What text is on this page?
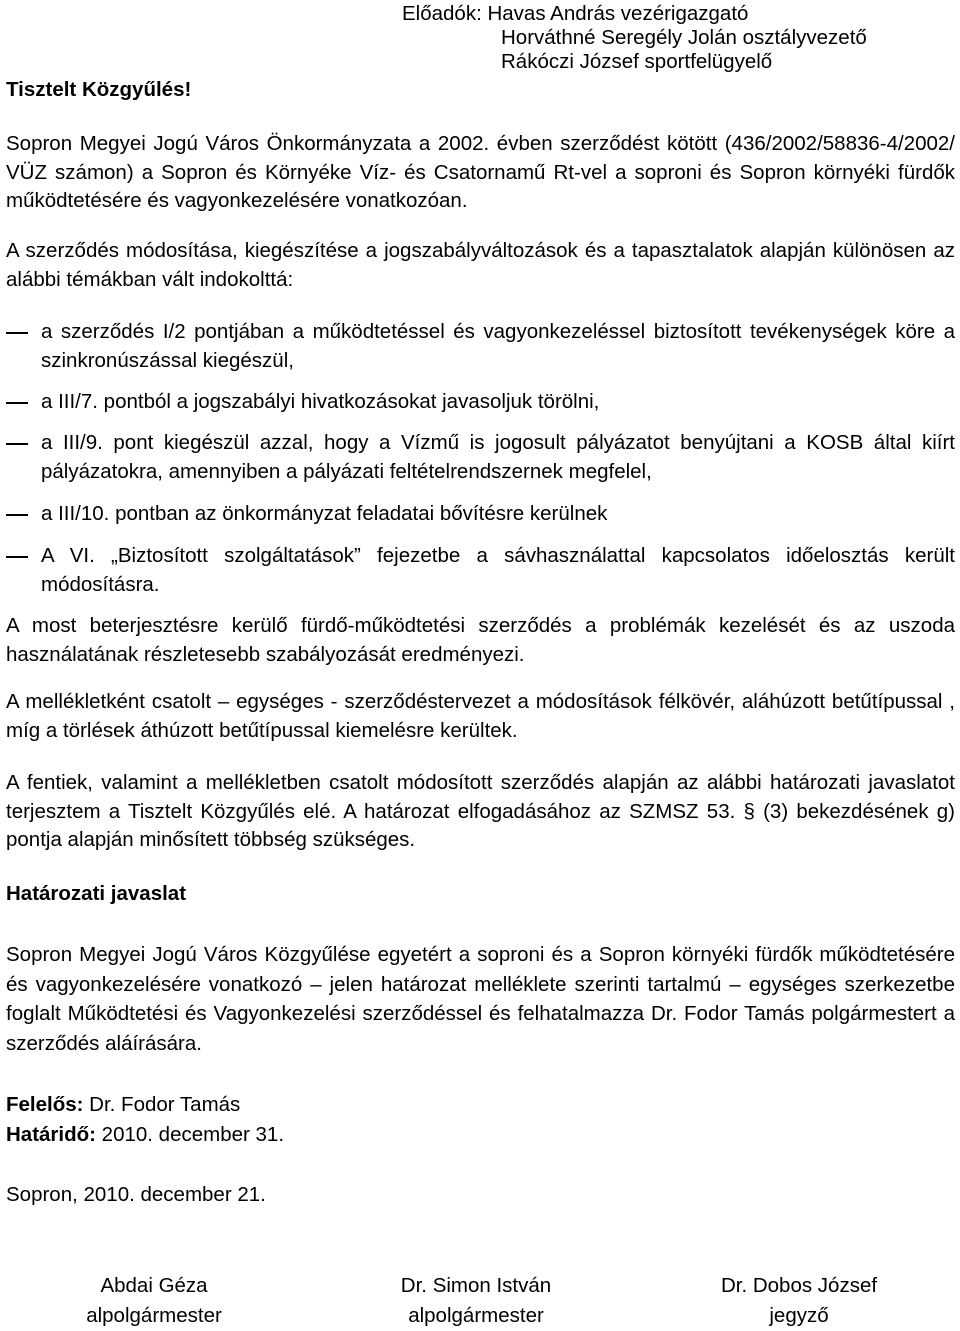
Előadók: Havas András vezérigazgató
Horváthné Seregély Jolán osztályvezető
Rákóczi József sportfelügyelő
Tisztelt Közgyűlés!
Sopron Megyei Jogú Város Önkormányzata a 2002. évben szerződést kötött (436/2002/58836-4/2002/ VÜZ számon) a Sopron és Környéke Víz- és Csatornamű Rt-vel a soproni és Sopron környéki fürdők működtetésére és vagyonkezelésére vonatkozóan.
A szerződés módosítása, kiegészítése a jogszabályváltozások és a tapasztalatok alapján különösen az alábbi témákban vált indokolttá:
a szerződés I/2 pontjában a működtetéssel és vagyonkezeléssel biztosított tevékenységek köre a szinkronúszással kiegészül,
a III/7. pontból a jogszabályi hivatkozásokat javasoljuk törölni,
a III/9. pont kiegészül azzal, hogy a Vízmű is jogosult pályázatot benyújtani a KOSB által kiírt pályázatokra, amennyiben a pályázati feltételrendszernek megfelel,
a III/10. pontban az önkormányzat feladatai bővítésre kerülnek
A VI. „Biztosított szolgáltatások” fejezetbe a sávhasználattal kapcsolatos időelosztás került módosításra.
A most beterjesztésre kerülő fürdő-működtetési szerződés a problémák kezelését és az uszoda használatának részletesebb szabályozását eredményezi.
A mellékletként csatolt – egységes - szerződéstervezet a módosítások félkövér, aláhúzott betűtípussal , míg a törlések áthúzott betűtípussal kiemelésre kerültek.
A fentiek, valamint a mellékletben csatolt módosított szerződés alapján az alábbi határozati javaslatot terjesztem a Tisztelt Közgyűlés elé. A határozat elfogadásához az SZMSZ 53. § (3) bekezdésének g) pontja alapján minősített többség szükséges.
Határozati javaslat
Sopron Megyei Jogú Város Közgyűlése egyetért a soproni és a Sopron környéki fürdők működtetésére és vagyonkezelésére vonatkozó – jelen határozat melléklete szerinti tartalmú – egységes szerkezetbe foglalt Működtetési és Vagyonkezelési szerződéssel és felhatalmazza Dr. Fodor Tamás polgármestert a szerződés aláírására.
Felelős: Dr. Fodor Tamás
Határidő: 2010. december 31.
Sopron, 2010. december 21.
Abdai Géza
alpolgármester
Dr. Simon István
alpolgármester
Dr. Dobos József
jegyző
